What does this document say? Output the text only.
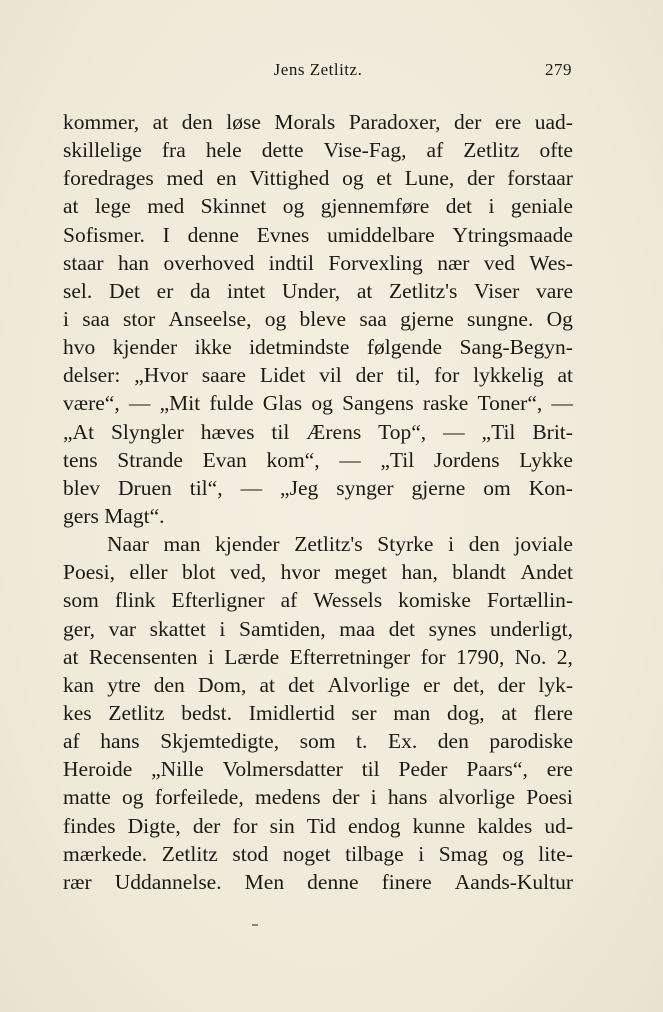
Jens Zetlitz.	279
kommer, at den løse Morals Paradoxer, der ere uad-
skillelige fra hele dette Vise-Fag, af Zetlitz ofte
foredrages med en Vittighed og et Lune, der forstaar
at lege med Skinnet og gjennemføre det i geniale
Sofismer. I denne Evnes umiddelbare Ytringsmaade
staar han overhoved indtil Forvexling nær ved Wes-
sel. Det er da intet Under, at Zetlitz's Viser vare
i saa stor Anseelse, og bleve saa gjerne sungne. Og
hvo kjender ikke idetmindste følgende Sang-Begyn-
delser: „Hvor saare Lidet vil der til, for lykkelig at
være“, — „Mit fulde Glas og Sangens raske Toner“, —
„At Slyngler hæves til Ærens Top“, — „Til Brit-
tens Strande Evan kom“, — „Til Jordens Lykke
blev Druen til“, — „Jeg synger gjerne om Kon-
gers Magt“.
Naar man kjender Zetlitz's Styrke i den joviale
Poesi, eller blot ved, hvor meget han, blandt Andet
som flink Efterligner af Wessels komiske Fortællin-
ger, var skattet i Samtiden, maa det synes underligt,
at Recensenten i Lærde Efterretninger for 1790, No. 2,
kan ytre den Dom, at det Alvorlige er det, der lyk-
kes Zetlitz bedst. Imidlertid ser man dog, at flere
af hans Skjemtedigte, som t. Ex. den parodiske
Heroide „Nille Volmersdatter til Peder Paars“, ere
matte og forfeilede, medens der i hans alvorlige Poesi
findes Digte, der for sin Tid endog kunne kaldes ud-
mærkede. Zetlitz stod noget tilbage i Smag og lite-
rær Uddannelse. Men denne finere Aands-Kultur
